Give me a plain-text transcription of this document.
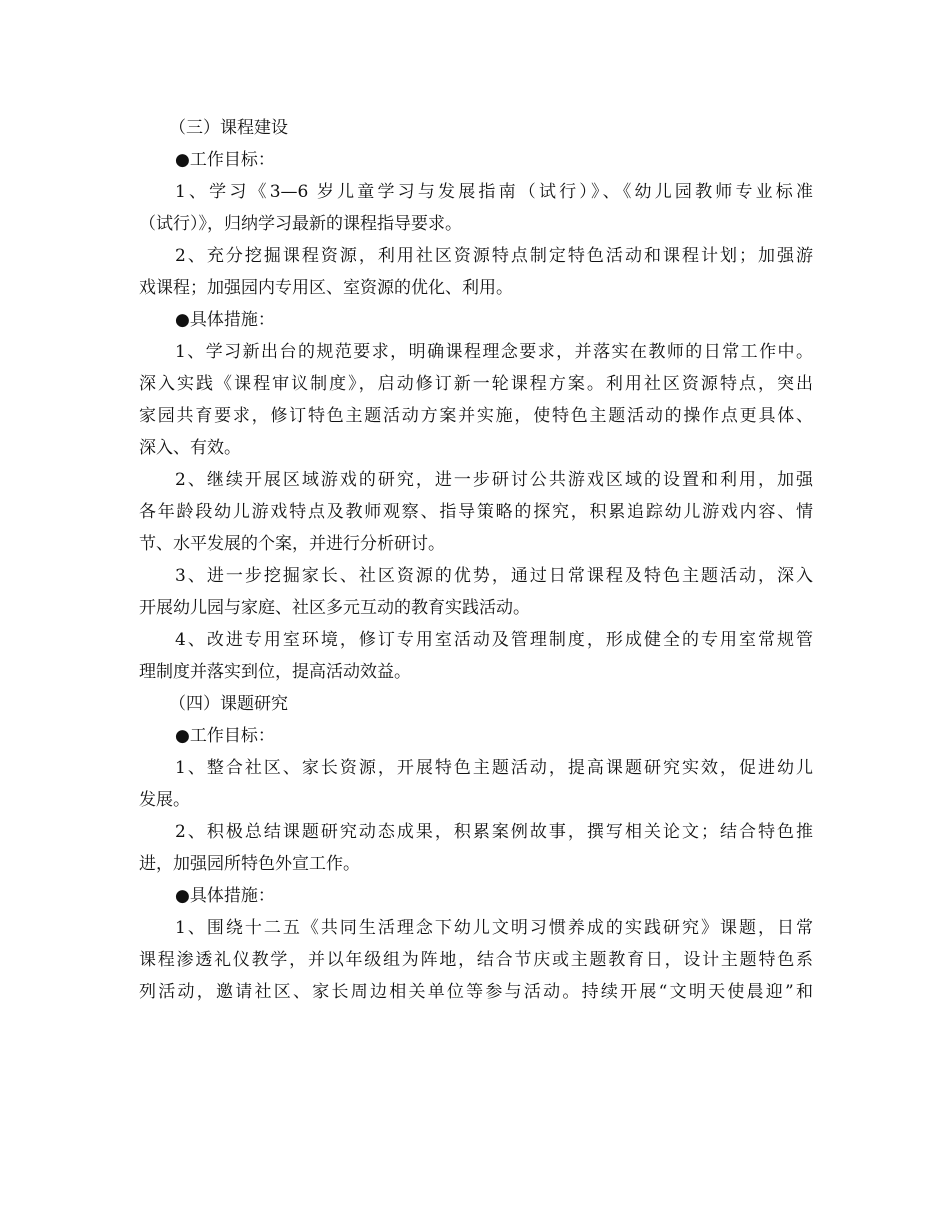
（三）课程建设
●工作目标：
1、学习《3—6 岁儿童学习与发展指南（试行）》、《幼儿园教师专业标准
（试行）》，归纳学习最新的课程指导要求。
2、充分挖掘课程资源，利用社区资源特点制定特色活动和课程计划；加强游
戏课程；加强园内专用区、室资源的优化、利用。
●具体措施：
1、学习新出台的规范要求，明确课程理念要求，并落实在教师的日常工作中。
深入实践《课程审议制度》，启动修订新一轮课程方案。利用社区资源特点，突出
家园共育要求，修订特色主题活动方案并实施，使特色主题活动的操作点更具体、
深入、有效。
2、继续开展区域游戏的研究，进一步研讨公共游戏区域的设置和利用，加强
各年龄段幼儿游戏特点及教师观察、指导策略的探究，积累追踪幼儿游戏内容、情
节、水平发展的个案，并进行分析研讨。
3、进一步挖掘家长、社区资源的优势，通过日常课程及特色主题活动，深入
开展幼儿园与家庭、社区多元互动的教育实践活动。
4、改进专用室环境，修订专用室活动及管理制度，形成健全的专用室常规管
理制度并落实到位，提高活动效益。
（四）课题研究
●工作目标：
1、整合社区、家长资源，开展特色主题活动，提高课题研究实效，促进幼儿
发展。
2、积极总结课题研究动态成果，积累案例故事，撰写相关论文；结合特色推
进，加强园所特色外宣工作。
●具体措施：
1、围绕十二五《共同生活理念下幼儿文明习惯养成的实践研究》课题，日常
课程渗透礼仪教学，并以年级组为阵地，结合节庆或主题教育日，设计主题特色系
列活动，邀请社区、家长周边相关单位等参与活动。持续开展“文明天使晨迎”和
